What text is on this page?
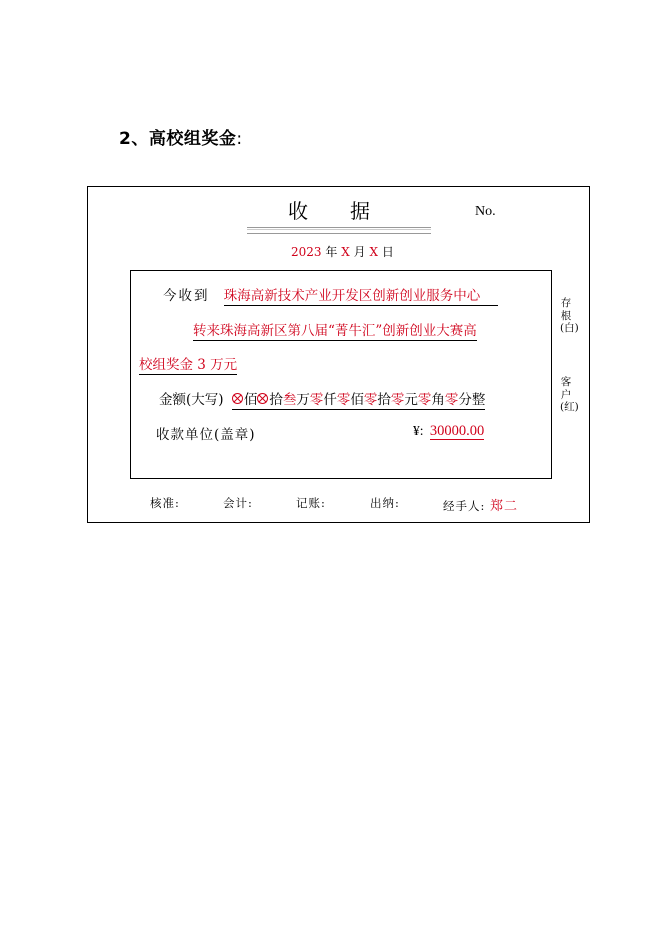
2、高校组奖金:
收据	No.
2023 年 X 月 X 日
今收到 珠海高新技术产业开发区创新创业服务中心
转来珠海高新区第八届“菁牛汇”创新创业大赛高
校组奖金 3 万元
金额(大写) 佰 拾叁万零仟零佰零拾零元零角零分整
收款单位(盖章)	¥: 30000.00
存根(白)
客户(红)
核准:	会计:	记账:	出纳:	经手人: 郑二
